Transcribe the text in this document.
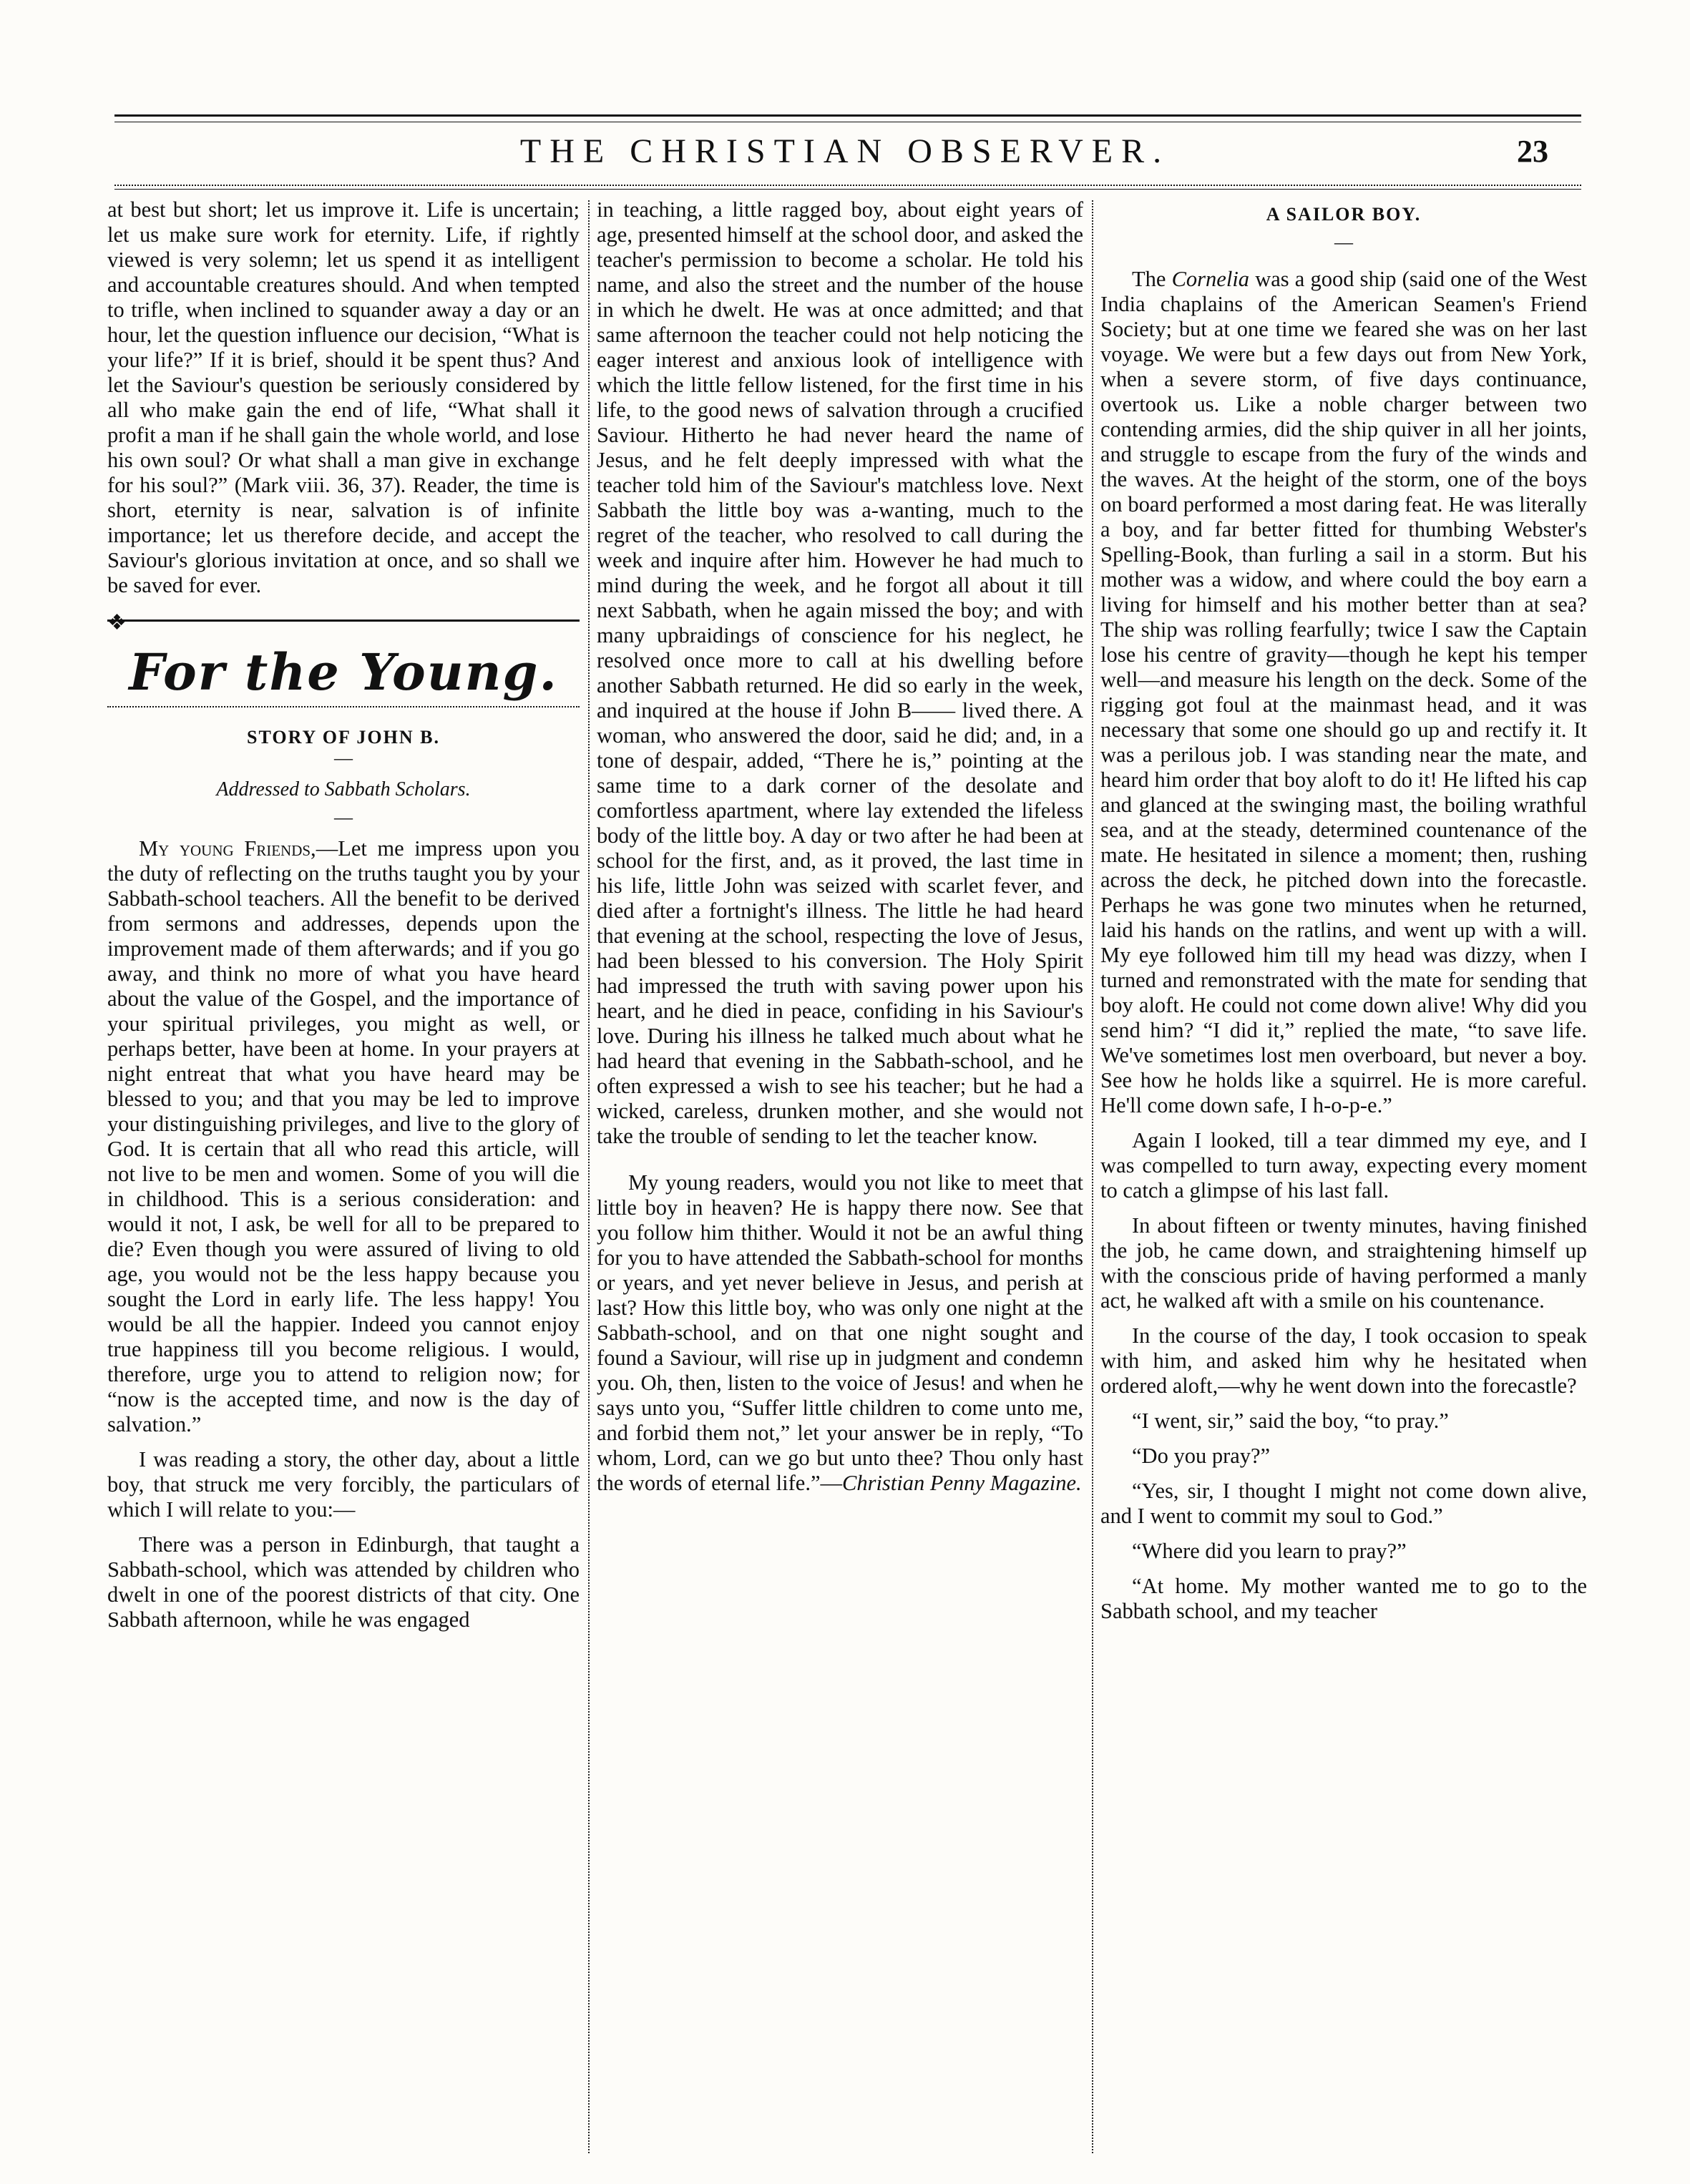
THE CHRISTIAN OBSERVER.	23

at best but short; let us improve it. Life is uncertain; let us make sure work for eternity. Life, if rightly viewed is very solemn; let us spend it as intelligent and accountable creatures should. And when tempted to trifle, when inclined to squander away a day or an hour, let the question influence our decision, “What is your life?” If it is brief, should it be spent thus? And let the Saviour's question be seriously considered by all who make gain the end of life, “What shall it profit a man if he shall gain the whole world, and lose his own soul? Or what shall a man give in exchange for his soul?” (Mark viii. 36, 37). Reader, the time is short, eternity is near, salvation is of infinite importance; let us therefore decide, and accept the Saviour's glorious invitation at once, and so shall we be saved for ever.

❖
For the Young.
STORY OF JOHN B.
—
Addressed to Sabbath Scholars.
—

My young Friends,—Let me impress upon you the duty of reflecting on the truths taught you by your Sabbath-school teachers. All the benefit to be derived from sermons and addresses, depends upon the improvement made of them afterwards; and if you go away, and think no more of what you have heard about the value of the Gospel, and the importance of your spiritual privileges, you might as well, or perhaps better, have been at home. In your prayers at night entreat that what you have heard may be blessed to you; and that you may be led to improve your distinguishing privileges, and live to the glory of God. It is certain that all who read this article, will not live to be men and women. Some of you will die in childhood. This is a serious consideration: and would it not, I ask, be well for all to be prepared to die? Even though you were assured of living to old age, you would not be the less happy because you sought the Lord in early life. The less happy! You would be all the happier. Indeed you cannot enjoy true happiness till you become religious. I would, therefore, urge you to attend to religion now; for “now is the accepted time, and now is the day of salvation.”

I was reading a story, the other day, about a little boy, that struck me very forcibly, the particulars of which I will relate to you:—

There was a person in Edinburgh, that taught a Sabbath-school, which was attended by children who dwelt in one of the poorest districts of that city. One Sabbath afternoon, while he was engaged

in teaching, a little ragged boy, about eight years of age, presented himself at the school door, and asked the teacher's permission to become a scholar. He told his name, and also the street and the number of the house in which he dwelt. He was at once admitted; and that same afternoon the teacher could not help noticing the eager interest and anxious look of intelligence with which the little fellow listened, for the first time in his life, to the good news of salvation through a crucified Saviour. Hitherto he had never heard the name of Jesus, and he felt deeply impressed with what the teacher told him of the Saviour's matchless love. Next Sabbath the little boy was a-wanting, much to the regret of the teacher, who resolved to call during the week and inquire after him. However he had much to mind during the week, and he forgot all about it till next Sabbath, when he again missed the boy; and with many upbraidings of conscience for his neglect, he resolved once more to call at his dwelling before another Sabbath returned. He did so early in the week, and inquired at the house if John B—— lived there. A woman, who answered the door, said he did; and, in a tone of despair, added, “There he is,” pointing at the same time to a dark corner of the desolate and comfortless apartment, where lay extended the lifeless body of the little boy. A day or two after he had been at school for the first, and, as it proved, the last time in his life, little John was seized with scarlet fever, and died after a fortnight's illness. The little he had heard that evening at the school, respecting the love of Jesus, had been blessed to his conversion. The Holy Spirit had impressed the truth with saving power upon his heart, and he died in peace, confiding in his Saviour's love. During his illness he talked much about what he had heard that evening in the Sabbath-school, and he often expressed a wish to see his teacher; but he had a wicked, careless, drunken mother, and she would not take the trouble of sending to let the teacher know.

My young readers, would you not like to meet that little boy in heaven? He is happy there now. See that you follow him thither. Would it not be an awful thing for you to have attended the Sabbath-school for months or years, and yet never believe in Jesus, and perish at last? How this little boy, who was only one night at the Sabbath-school, and on that one night sought and found a Saviour, will rise up in judgment and condemn you. Oh, then, listen to the voice of Jesus! and when he says unto you, “Suffer little children to come unto me, and forbid them not,” let your answer be in reply, “To whom, Lord, can we go but unto thee? Thou only hast the words of eternal life.”—Christian Penny Magazine.

A SAILOR BOY.
—

The Cornelia was a good ship (said one of the West India chaplains of the American Seamen's Friend Society; but at one time we feared she was on her last voyage. We were but a few days out from New York, when a severe storm, of five days continuance, overtook us. Like a noble charger between two contending armies, did the ship quiver in all her joints, and struggle to escape from the fury of the winds and the waves. At the height of the storm, one of the boys on board performed a most daring feat. He was literally a boy, and far better fitted for thumbing Webster's Spelling-Book, than furling a sail in a storm. But his mother was a widow, and where could the boy earn a living for himself and his mother better than at sea? The ship was rolling fearfully; twice I saw the Captain lose his centre of gravity—though he kept his temper well—and measure his length on the deck. Some of the rigging got foul at the mainmast head, and it was necessary that some one should go up and rectify it. It was a perilous job. I was standing near the mate, and heard him order that boy aloft to do it! He lifted his cap and glanced at the swinging mast, the boiling wrathful sea, and at the steady, determined countenance of the mate. He hesitated in silence a moment; then, rushing across the deck, he pitched down into the forecastle. Perhaps he was gone two minutes when he returned, laid his hands on the ratlins, and went up with a will. My eye followed him till my head was dizzy, when I turned and remonstrated with the mate for sending that boy aloft. He could not come down alive! Why did you send him? “I did it,” replied the mate, “to save life. We've sometimes lost men overboard, but never a boy. See how he holds like a squirrel. He is more careful. He'll come down safe, I h-o-p-e.”

Again I looked, till a tear dimmed my eye, and I was compelled to turn away, expecting every moment to catch a glimpse of his last fall.

In about fifteen or twenty minutes, having finished the job, he came down, and straightening himself up with the conscious pride of having performed a manly act, he walked aft with a smile on his countenance.

In the course of the day, I took occasion to speak with him, and asked him why he hesitated when ordered aloft,—why he went down into the forecastle?

“I went, sir,” said the boy, “to pray.”

“Do you pray?”

“Yes, sir, I thought I might not come down alive, and I went to commit my soul to God.”

“Where did you learn to pray?”

“At home. My mother wanted me to go to the Sabbath school, and my teacher
